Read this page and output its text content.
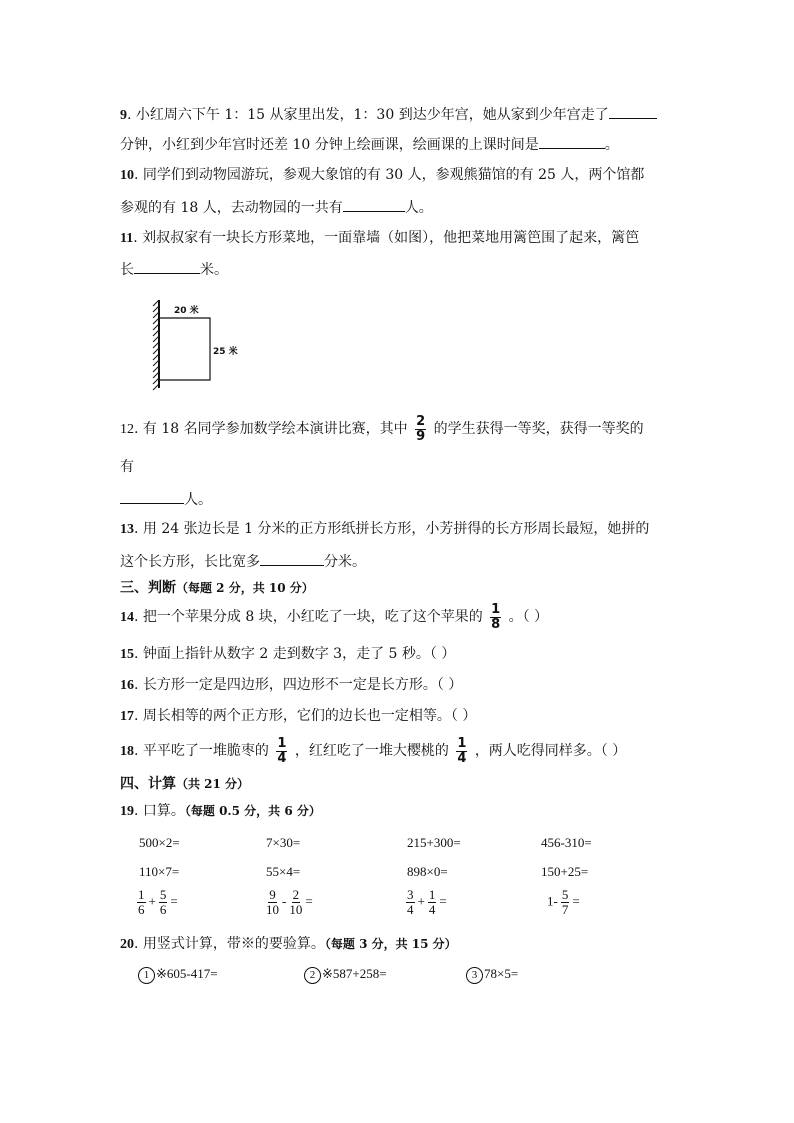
9. 小红周六下午 1：15 从家里出发，1：30 到达少年宫，她从家到少年宫走了
分钟，小红到少年宫时还差 10 分钟上绘画课，绘画课的上课时间是	。
10. 同学们到动物园游玩，参观大象馆的有 30 人，参观熊猫馆的有 25 人，两个馆都
参观的有 18 人，去动物园的一共有	人。
11. 刘叔叔家有一块长方形菜地，一面靠墙（如图），他把菜地用篱笆围了起来，篱笆
长	米。
20 米
25 米
12. 有 18 名同学参加数学绘本演讲比赛，其中 $\frac{2}{9}$ 的学生获得一等奖，获得一等奖的
有
人。
13. 用 24 张边长是 1 分米的正方形纸拼长方形，小芳拼得的长方形周长最短，她拼的
这个长方形，长比宽多	分米。
三、判断（每题 2 分，共 10 分）
14. 把一个苹果分成 8 块，小红吃了一块，吃了这个苹果的 $\frac{1}{8}$ 。（ ）
15. 钟面上指针从数字 2 走到数字 3，走了 5 秒。（ ）
16. 长方形一定是四边形，四边形不一定是长方形。（ ）
17. 周长相等的两个正方形，它们的边长也一定相等。（ ）
18. 平平吃了一堆脆枣的 $\frac{1}{4}$ ，红红吃了一堆大樱桃的 $\frac{1}{4}$ ，两人吃得同样多。（ ）
四、计算（共 21 分）
19. 口算。（每题 0.5 分，共 6 分）
500×2=	7×30=	215+300=	456-310=
110×7=	55×4=	898×0=	150+25=
$\frac{1}{6} + \frac{5}{6}$ =	$\frac{9}{10} - \frac{2}{10}$ =	$\frac{3}{4} + \frac{1}{4}$ =	$1- \frac{5}{7}$ =
20. 用竖式计算，带※的要验算。（每题 3 分，共 15 分）
1 ※605-417=	2 ※587+258=	3 78×5=
